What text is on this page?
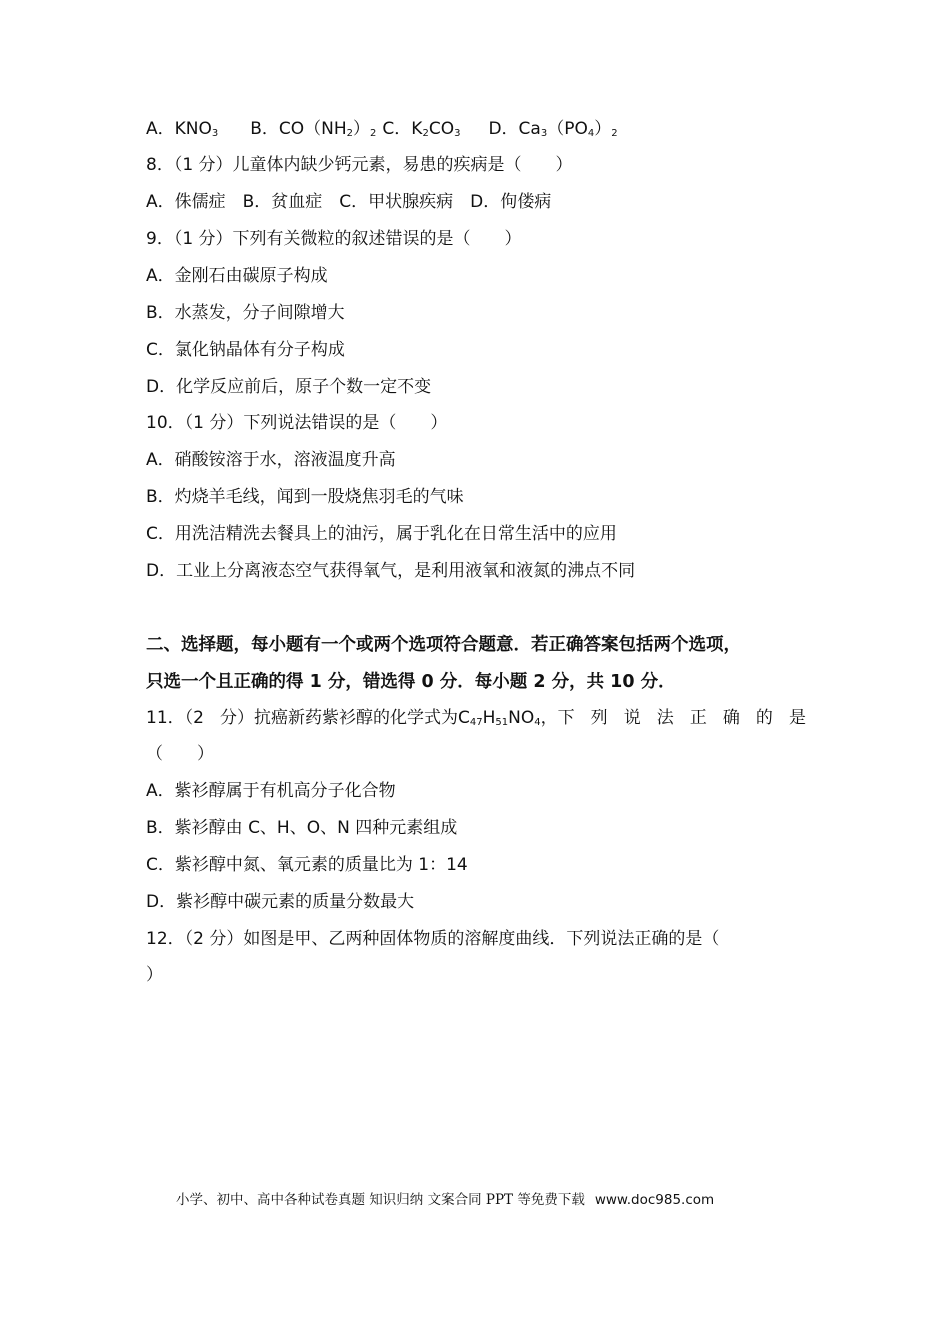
A．$KNO_3$ B．$CO(NH_2)_2$ C．$K_2CO_3$ D．$Ca_3(PO_4)_2$
8．（1 分）儿童体内缺少钙元素，易患的疾病是（　　）
A．侏儒症　B．贫血症　C．甲状腺疾病　D．佝偻病
9．（1 分）下列有关微粒的叙述错误的是（　　）
A．金刚石由碳原子构成
B．水蒸发，分子间隙增大
C．氯化钠晶体有分子构成
D．化学反应前后，原子个数一定不变
10．（1 分）下列说法错误的是（　　）
A．硝酸铵溶于水，溶液温度升高
B．灼烧羊毛线，闻到一股烧焦羽毛的气味
C．用洗洁精洗去餐具上的油污，属于乳化在日常生活中的应用
D．工业上分离液态空气获得氧气，是利用液氧和液氮的沸点不同
二、选择题，每小题有一个或两个选项符合题意．若正确答案包括两个选项，
只选一个且正确的得 1 分，错选得 0 分．每小题 2 分，共 10 分．
11．（2 分）抗癌新药紫衫醇的化学式为$C_{47}H_{51}NO_4$，下 列 说 法 正 确 的 是
（　　）
A．紫衫醇属于有机高分子化合物
B．紫衫醇由 C、H、O、N 四种元素组成
C．紫衫醇中氮、氧元素的质量比为 1：14
D．紫衫醇中碳元素的质量分数最大
12．（2 分）如图是甲、乙两种固体物质的溶解度曲线．下列说法正确的是（
）
小学、初中、高中各种试卷真题 知识归纳 文案合同 PPT 等免费下载 www.doc985.com
